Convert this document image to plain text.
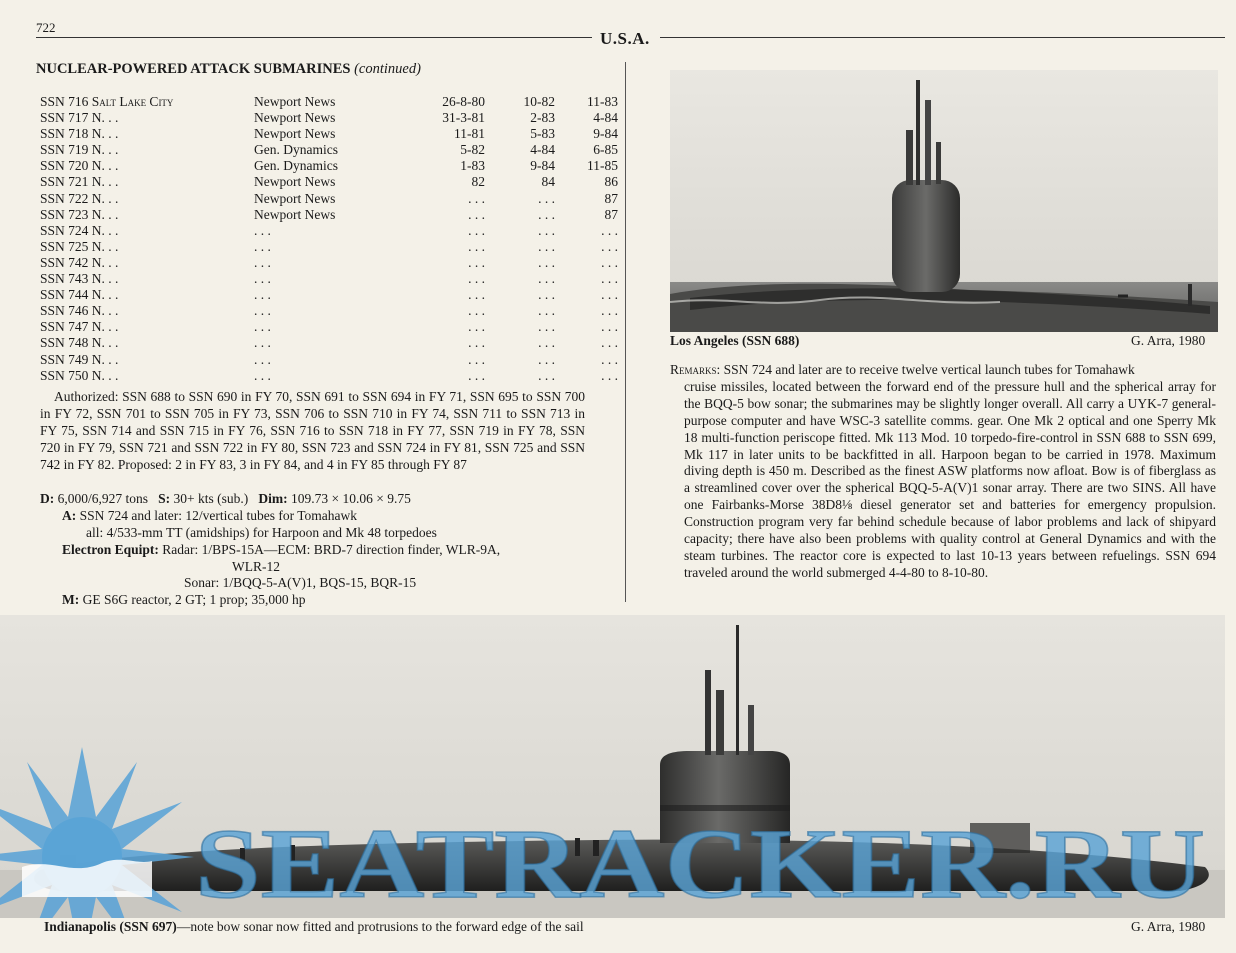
722
U.S.A.
NUCLEAR-POWERED ATTACK SUBMARINES (continued)
SSN 716 Salt Lake City	Newport News	26-8-80	10-82	11-83
SSN 717 N. . .	Newport News	31-3-81	2-83	4-84
SSN 718 N. . .	Newport News	11-81	5-83	9-84
SSN 719 N. . .	Gen. Dynamics	5-82	4-84	6-85
SSN 720 N. . .	Gen. Dynamics	1-83	9-84	11-85
SSN 721 N. . .	Newport News	82	84	86
SSN 722 N. . .	Newport News	. . .	. . .	87
SSN 723 N. . .	Newport News	. . .	. . .	87
SSN 724 N. . .	. . .	. . .	. . .	. . .
SSN 725 N. . .	. . .	. . .	. . .	. . .
SSN 742 N. . .	. . .	. . .	. . .	. . .
SSN 743 N. . .	. . .	. . .	. . .	. . .
SSN 744 N. . .	. . .	. . .	. . .	. . .
SSN 746 N. . .	. . .	. . .	. . .	. . .
SSN 747 N. . .	. . .	. . .	. . .	. . .
SSN 748 N. . .	. . .	. . .	. . .	. . .
SSN 749 N. . .	. . .	. . .	. . .	. . .
SSN 750 N. . .	. . .	. . .	. . .	. . .
Authorized: SSN 688 to SSN 690 in FY 70, SSN 691 to SSN 694 in FY 71, SSN 695 to SSN 700 in FY 72, SSN 701 to SSN 705 in FY 73, SSN 706 to SSN 710 in FY 74, SSN 711 to SSN 713 in FY 75, SSN 714 and SSN 715 in FY 76, SSN 716 to SSN 718 in FY 77, SSN 719 in FY 78, SSN 720 in FY 79, SSN 721 and SSN 722 in FY 80, SSN 723 and SSN 724 in FY 81, SSN 725 and SSN 742 in FY 82. Proposed: 2 in FY 83, 3 in FY 84, and 4 in FY 85 through FY 87
D: 6,000/6,927 tons S: 30+ kts (sub.) Dim: 109.73 × 10.06 × 9.75
A: SSN 724 and later: 12/vertical tubes for Tomahawk
all: 4/533-mm TT (amidships) for Harpoon and Mk 48 torpedoes
Electron Equipt: Radar: 1/BPS-15A—ECM: BRD-7 direction finder, WLR-9A,
WLR-12
Sonar: 1/BQQ-5-A(V)1, BQS-15, BQR-15
M: GE S6G reactor, 2 GT; 1 prop; 35,000 hp
Los Angeles (SSN 688)	G. Arra, 1980
Remarks: SSN 724 and later are to receive twelve vertical launch tubes for Tomahawk
cruise missiles, located between the forward end of the pressure hull and the spherical array for the BQQ-5 bow sonar; the submarines may be slightly longer overall. All carry a UYK-7 general-purpose computer and have WSC-3 satellite comms. gear. One Mk 2 optical and one Sperry Mk 18 multi-function periscope fitted. Mk 113 Mod. 10 torpedo-fire-control in SSN 688 to SSN 699, Mk 117 in later units to be backfitted in all. Harpoon began to be carried in 1978. Maximum diving depth is 450 m. Described as the finest ASW platforms now afloat. Bow is of fiberglass as a streamlined cover over the spherical BQQ-5-A(V)1 sonar array. There are two SINS. All have one Fairbanks-Morse 38D8⅛ diesel generator set and batteries for emergency propulsion. Construction program very far behind schedule because of labor problems and lack of shipyard capacity; there have also been problems with quality control at General Dynamics and with the steam turbines. The reactor core is expected to last 10-13 years between refuelings. SSN 694 traveled around the world submerged 4-4-80 to 8-10-80.
SEATRACKER.RU
Indianapolis (SSN 697)—note bow sonar now fitted and protrusions to the forward edge of the sail	G. Arra, 1980
